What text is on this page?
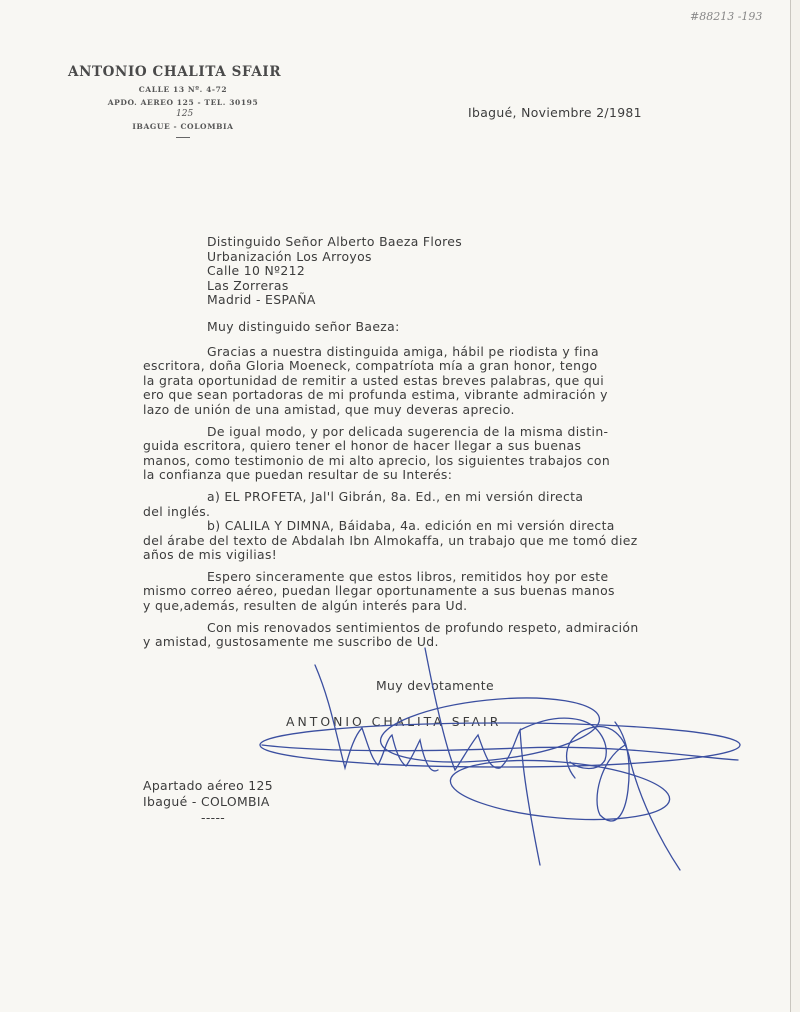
#88213 -193
ANTONIO CHALITA SFAIR
CALLE 13 Nº. 4-72
APDO. AEREO 125 - TEL. 30195
125
IBAGUE - COLOMBIA
Ibagué, Noviembre 2/1981
Distinguido Señor Alberto Baeza Flores
Urbanización Los Arroyos
Calle 10 Nº212
Las Zorreras
Madrid - ESPAÑA
Muy distinguido señor Baeza:
Gracias a nuestra distinguida amiga, hábil pe riodista y fina
escritora, doña Gloria Moeneck, compatríota mía a gran honor, tengo
la grata oportunidad de remitir a usted estas breves palabras, que qui
ero que sean portadoras de mi profunda estima, vibrante admiración y
lazo de unión de una amistad, que muy deveras aprecio.
De igual modo, y por delicada sugerencia de la misma distin-
guida escritora, quiero tener el honor de hacer llegar a sus buenas
manos, como testimonio de mi alto aprecio, los siguientes trabajos con
la confianza que puedan resultar de su Interés:
a) EL PROFETA, Jal'l Gibrán, 8a. Ed., en mi versión directa
del inglés.
b) CALILA Y DIMNA, Báidaba, 4a. edición en mi versión directa
del árabe del texto de Abdalah Ibn Almokaffa, un trabajo que me tomó diez
años de mis vigilias!
Espero sinceramente que estos libros, remitidos hoy por este
mismo correo aéreo, puedan llegar oportunamente a sus buenas manos
y que,además, resulten de algún interés para Ud.
Con mis renovados sentimientos de profundo respeto, admiración
y amistad, gustosamente me suscribo de Ud.
Muy devotamente
ANTONIO CHALITA SFAIR
Apartado aéreo 125
Ibagué - COLOMBIA
-----
